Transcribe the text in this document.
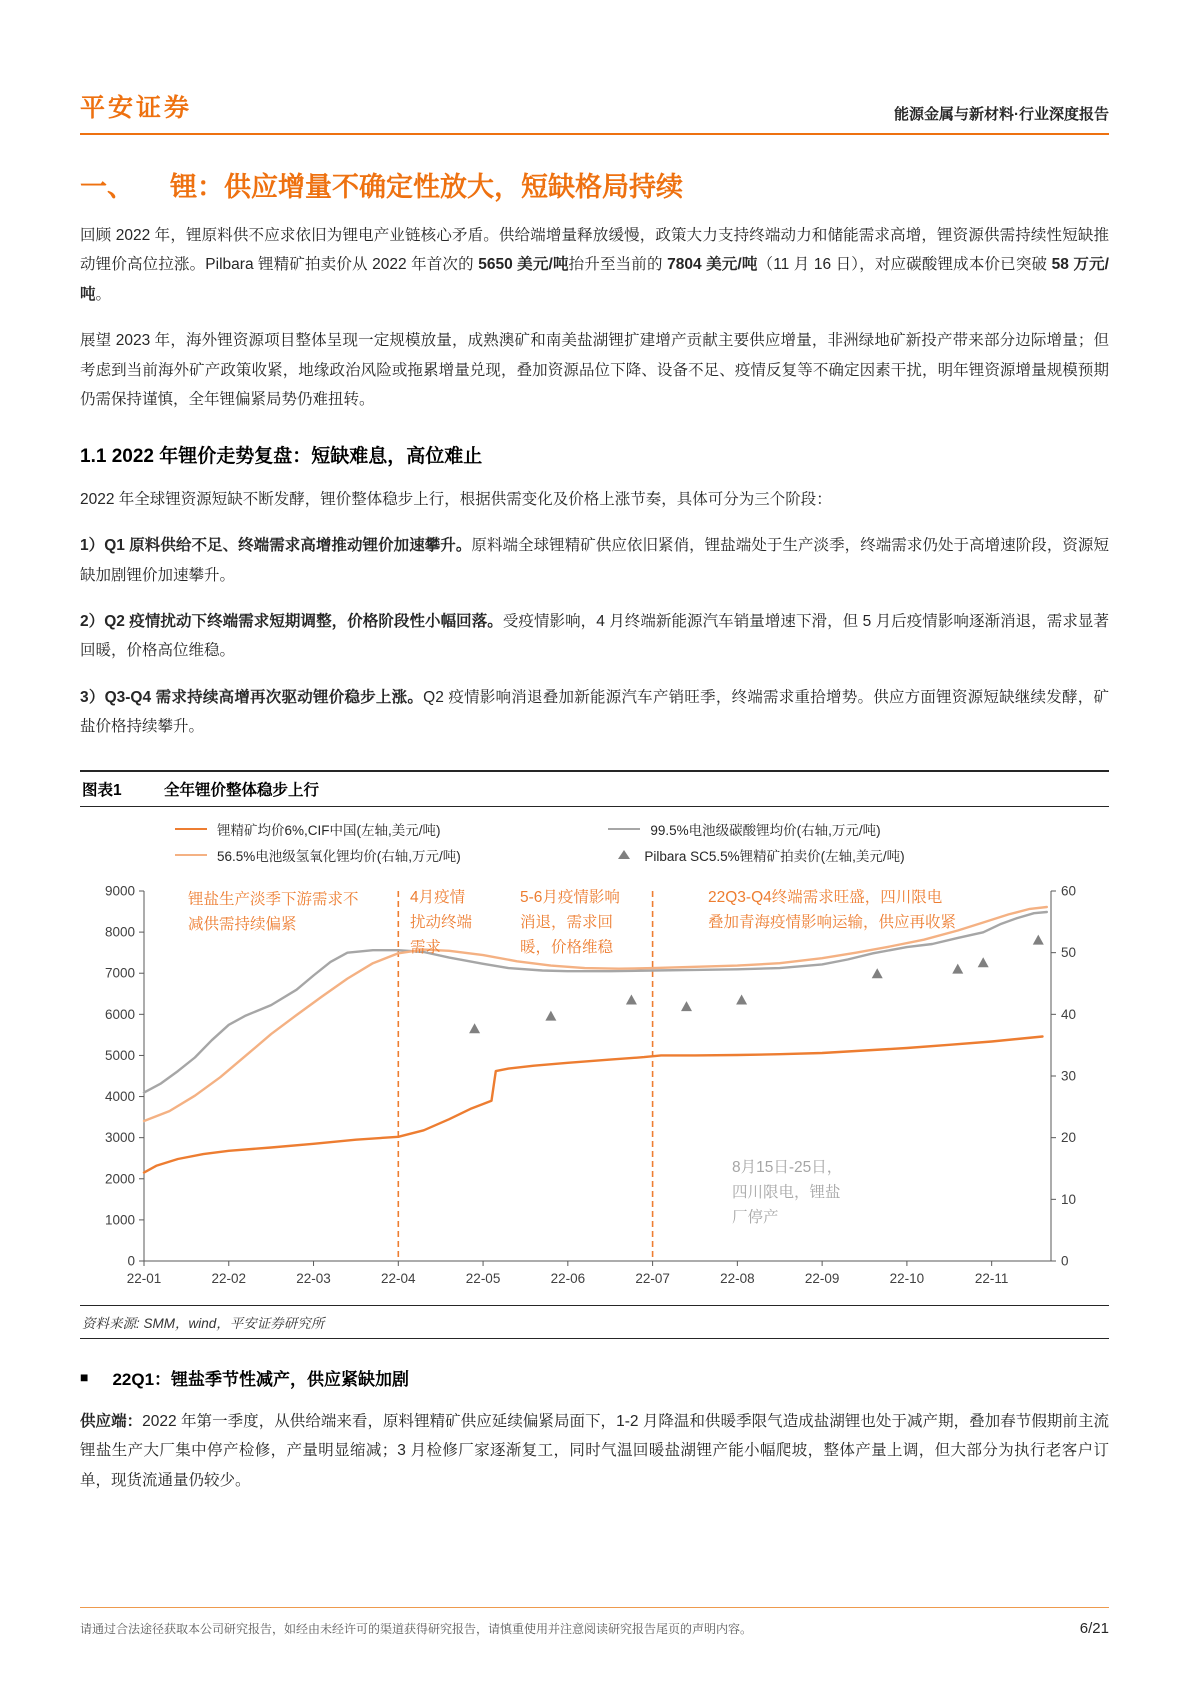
平安证券	能源金属与新材料·行业深度报告
一、 锂：供应增量不确定性放大，短缺格局持续

回顾 2022 年，锂原料供不应求依旧为锂电产业链核心矛盾。供给端增量释放缓慢，政策大力支持终端动力和储能需求高增，锂资源供需持续性短缺推动锂价高位拉涨。Pilbara 锂精矿拍卖价从 2022 年首次的 5650 美元/吨抬升至当前的 7804 美元/吨（11 月 16 日），对应碳酸锂成本价已突破 58 万元/吨。

展望 2023 年，海外锂资源项目整体呈现一定规模放量，成熟澳矿和南美盐湖锂扩建增产贡献主要供应增量，非洲绿地矿新投产带来部分边际增量；但考虑到当前海外矿产政策收紧，地缘政治风险或拖累增量兑现，叠加资源品位下降、设备不足、疫情反复等不确定因素干扰，明年锂资源增量规模预期仍需保持谨慎，全年锂偏紧局势仍难扭转。

1.1 2022 年锂价走势复盘：短缺难息，高位难止

2022 年全球锂资源短缺不断发酵，锂价整体稳步上行，根据供需变化及价格上涨节奏，具体可分为三个阶段：

1）Q1 原料供给不足、终端需求高增推动锂价加速攀升。原料端全球锂精矿供应依旧紧俏，锂盐端处于生产淡季，终端需求仍处于高增速阶段，资源短缺加剧锂价加速攀升。

2）Q2 疫情扰动下终端需求短期调整，价格阶段性小幅回落。受疫情影响，4 月终端新能源汽车销量增速下滑，但 5 月后疫情影响逐渐消退，需求显著回暖，价格高位维稳。

3）Q3-Q4 需求持续高增再次驱动锂价稳步上涨。Q2 疫情影响消退叠加新能源汽车产销旺季，终端需求重拾增势。供应方面锂资源短缺继续发酵，矿盐价格持续攀升。

图表1	全年锂价整体稳步上行
锂精矿均价6%,CIF中国(左轴,美元/吨)	99.5%电池级碳酸锂均价(右轴,万元/吨)
56.5%电池级氢氧化锂均价(右轴,万元/吨)	Pilbara SC5.5%锂精矿拍卖价(左轴,美元/吨)
0
1000
2000
3000
4000
5000
6000
7000
8000
9000
0
10
20
30
40
50
60
22-01	22-02	22-03	22-04	22-05	22-06	22-07	22-08	22-09	22-10	22-11
锂盐生产淡季下游需求不减供需持续偏紧
4月疫情扰动终端需求
5-6月疫情影响消退，需求回暖，价格维稳
22Q3-Q4终端需求旺盛，四川限电叠加青海疫情影响运输，供应再收紧
8月15日-25日，四川限电，锂盐厂停产
资料来源: SMM，wind，平安证券研究所
■ 22Q1：锂盐季节性减产，供应紧缺加剧

供应端：2022 年第一季度，从供给端来看，原料锂精矿供应延续偏紧局面下，1-2 月降温和供暖季限气造成盐湖锂也处于减产期，叠加春节假期前主流锂盐生产大厂集中停产检修，产量明显缩减；3 月检修厂家逐渐复工，同时气温回暖盐湖锂产能小幅爬坡，整体产量上调，但大部分为执行老客户订单，现货流通量仍较少。

请通过合法途径获取本公司研究报告，如经由未经许可的渠道获得研究报告，请慎重使用并注意阅读研究报告尾页的声明内容。	6/21
